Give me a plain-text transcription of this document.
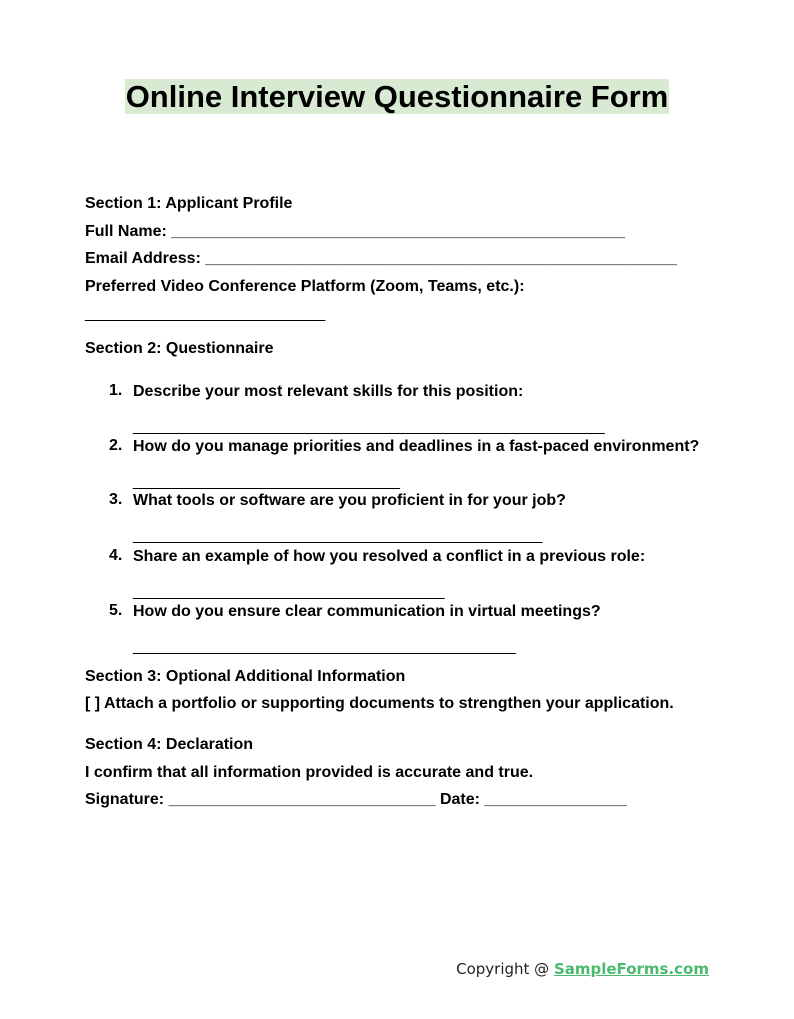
Online Interview Questionnaire Form
Section 1: Applicant Profile
Full Name: ___________________________________________________
Email Address: _____________________________________________________
Preferred Video Conference Platform (Zoom, Teams, etc.):
___________________________
Section 2: Questionnaire
1. Describe your most relevant skills for this position:
_____________________________________________________
2. How do you manage priorities and deadlines in a fast-paced environment?
______________________________
3. What tools or software are you proficient in for your job?
______________________________________________
4. Share an example of how you resolved a conflict in a previous role:
___________________________________
5. How do you ensure clear communication in virtual meetings?
___________________________________________
Section 3: Optional Additional Information
[ ] Attach a portfolio or supporting documents to strengthen your application.
Section 4: Declaration
I confirm that all information provided is accurate and true.
Signature: ______________________________ Date: ________________
Copyright @ SampleForms.com
